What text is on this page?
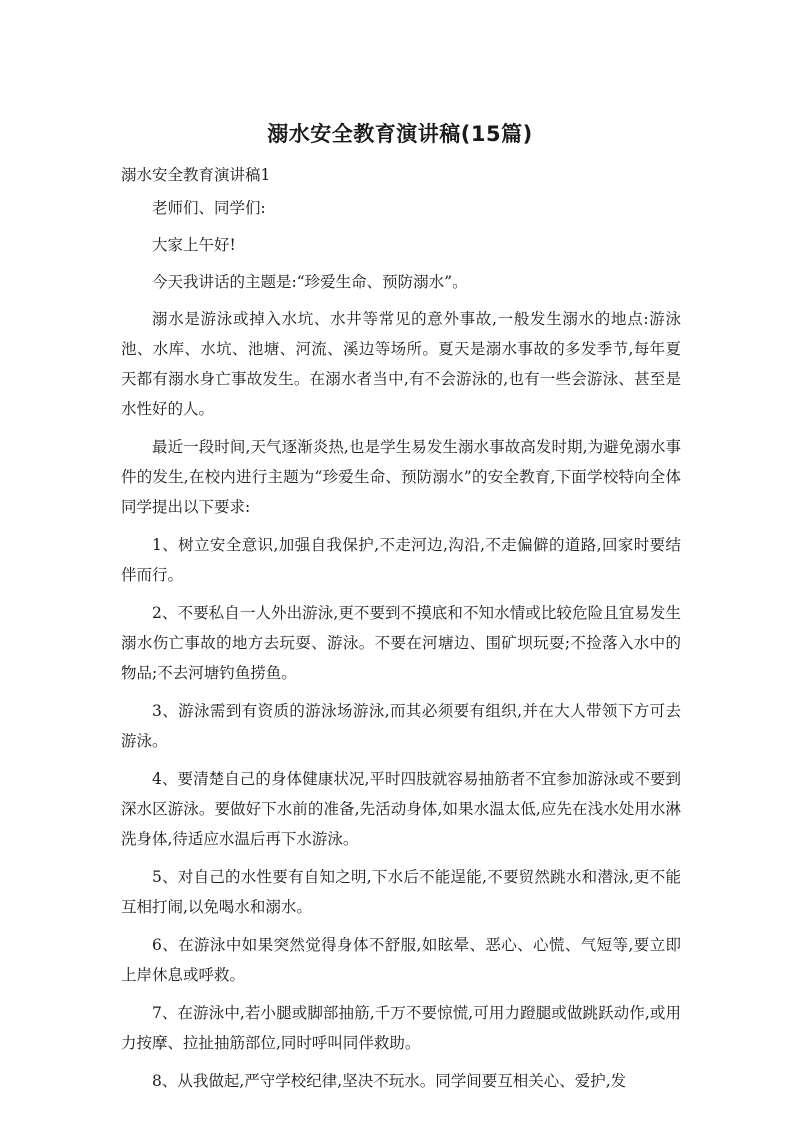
溺水安全教育演讲稿(15篇)
溺水安全教育演讲稿1

老师们、同学们:

大家上午好!

今天我讲话的主题是:“珍爱生命、预防溺水”。

溺水是游泳或掉入水坑、水井等常见的意外事故,一般发生溺水的地点:游泳池、水库、水坑、池塘、河流、溪边等场所。夏天是溺水事故的多发季节,每年夏天都有溺水身亡事故发生。在溺水者当中,有不会游泳的,也有一些会游泳、甚至是水性好的人。

最近一段时间,天气逐渐炎热,也是学生易发生溺水事故高发时期,为避免溺水事件的发生,在校内进行主题为“珍爱生命、预防溺水”的安全教育,下面学校特向全体同学提出以下要求:

1、树立安全意识,加强自我保护,不走河边,沟沿,不走偏僻的道路,回家时要结伴而行。

2、不要私自一人外出游泳,更不要到不摸底和不知水情或比较危险且宜易发生溺水伤亡事故的地方去玩耍、游泳。不要在河塘边、围矿坝玩耍;不捡落入水中的物品;不去河塘钓鱼捞鱼。

3、游泳需到有资质的游泳场游泳,而其必须要有组织,并在大人带领下方可去游泳。

4、要清楚自己的身体健康状况,平时四肢就容易抽筋者不宜参加游泳或不要到深水区游泳。要做好下水前的准备,先活动身体,如果水温太低,应先在浅水处用水淋洗身体,待适应水温后再下水游泳。

5、对自己的水性要有自知之明,下水后不能逞能,不要贸然跳水和潜泳,更不能互相打闹,以免喝水和溺水。

6、在游泳中如果突然觉得身体不舒服,如眩晕、恶心、心慌、气短等,要立即上岸休息或呼救。

7、在游泳中,若小腿或脚部抽筋,千万不要惊慌,可用力蹬腿或做跳跃动作,或用力按摩、拉扯抽筋部位,同时呼叫同伴救助。

8、从我做起,严守学校纪律,坚决不玩水。同学间要互相关心、爱护,发
